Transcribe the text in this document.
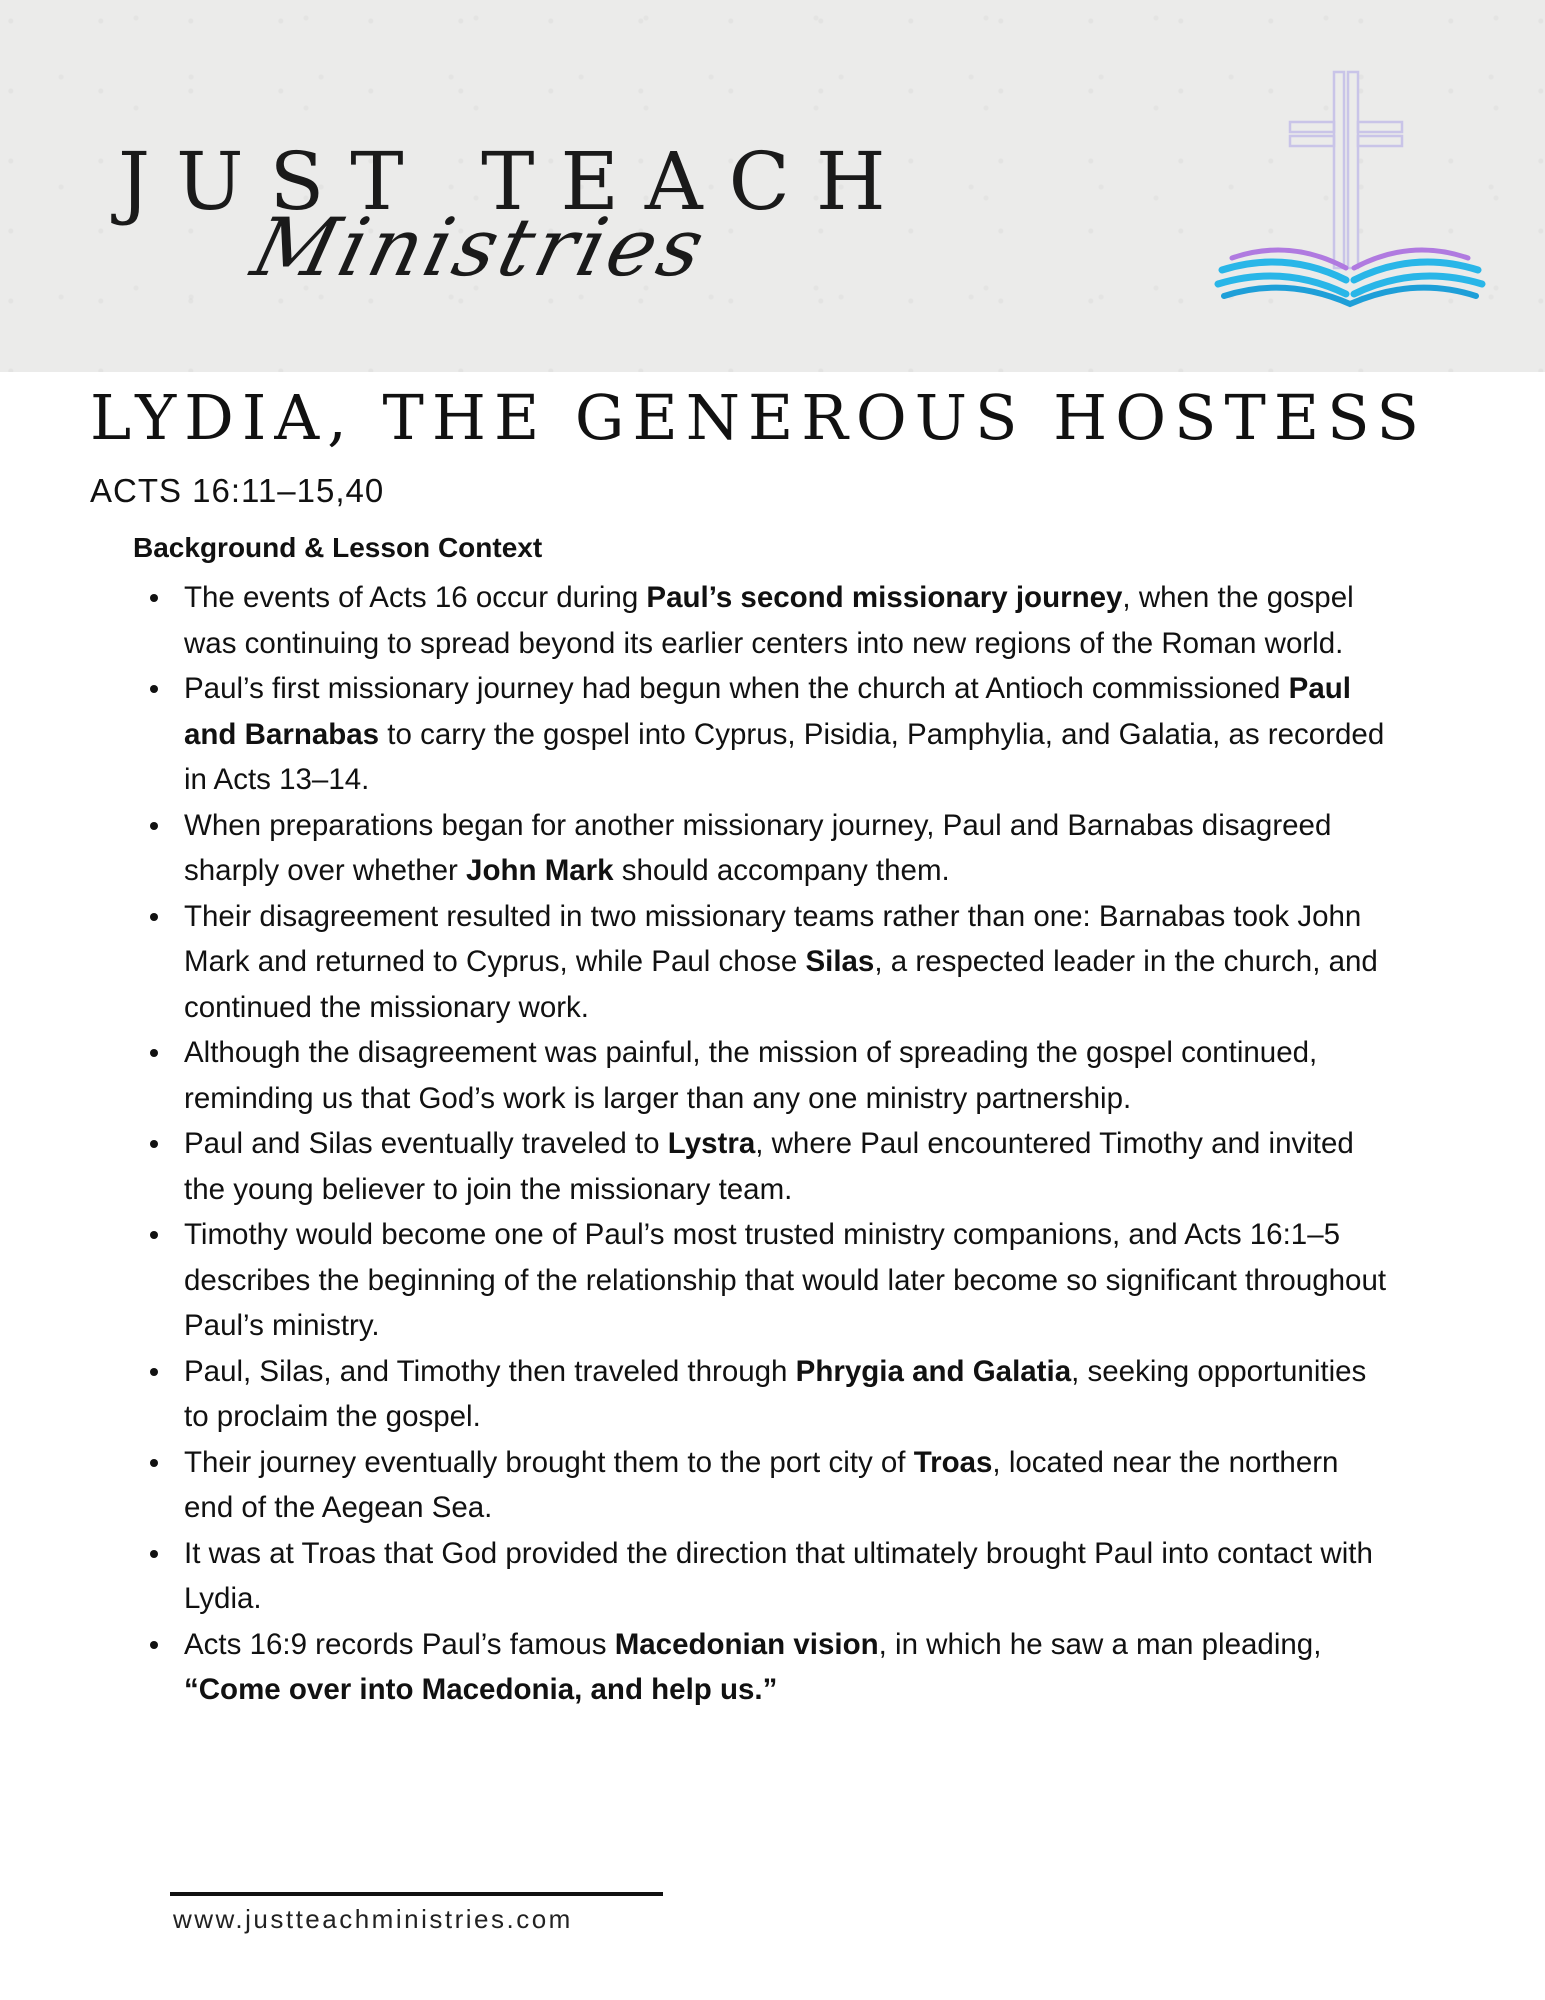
JUST TEACH
Ministries
LYDIA, THE GENEROUS HOSTESS
ACTS 16:11–15,40
Background & Lesson Context
The events of Acts 16 occur during Paul’s second missionary journey, when the gospel was continuing to spread beyond its earlier centers into new regions of the Roman world.
Paul’s first missionary journey had begun when the church at Antioch commissioned Paul and Barnabas to carry the gospel into Cyprus, Pisidia, Pamphylia, and Galatia, as recorded in Acts 13–14.
When preparations began for another missionary journey, Paul and Barnabas disagreed sharply over whether John Mark should accompany them.
Their disagreement resulted in two missionary teams rather than one: Barnabas took John Mark and returned to Cyprus, while Paul chose Silas, a respected leader in the church, and continued the missionary work.
Although the disagreement was painful, the mission of spreading the gospel continued, reminding us that God’s work is larger than any one ministry partnership.
Paul and Silas eventually traveled to Lystra, where Paul encountered Timothy and invited the young believer to join the missionary team.
Timothy would become one of Paul’s most trusted ministry companions, and Acts 16:1–5 describes the beginning of the relationship that would later become so significant throughout Paul’s ministry.
Paul, Silas, and Timothy then traveled through Phrygia and Galatia, seeking opportunities to proclaim the gospel.
Their journey eventually brought them to the port city of Troas, located near the northern end of the Aegean Sea.
It was at Troas that God provided the direction that ultimately brought Paul into contact with Lydia.
Acts 16:9 records Paul’s famous Macedonian vision, in which he saw a man pleading, “Come over into Macedonia, and help us.”
www.justteachministries.com
